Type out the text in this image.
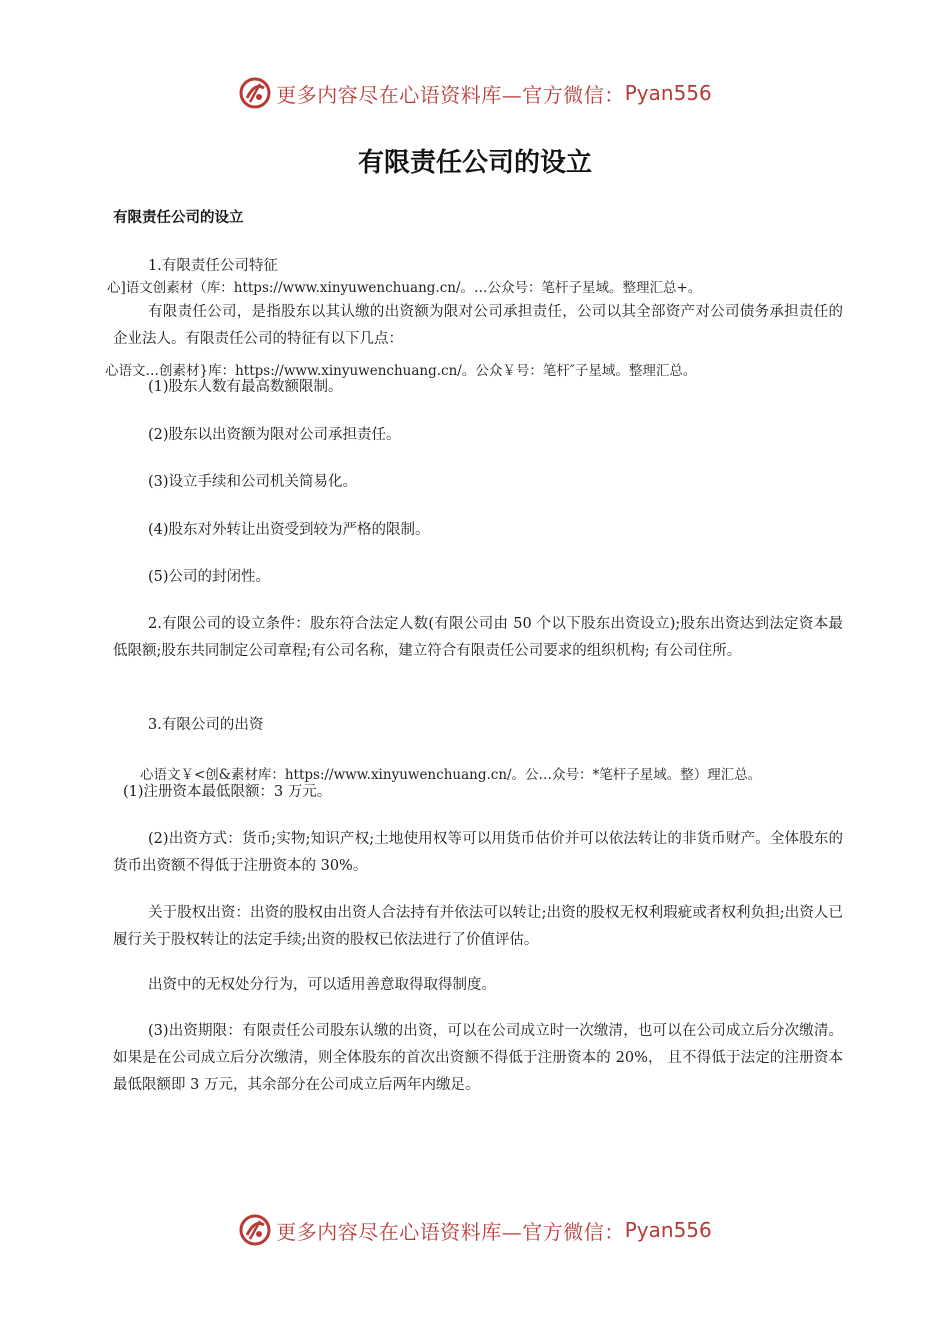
更多内容尽在心语资料库—官方微信： Pyan556
有限责任公司的设立
有限责任公司的设立
1.有限责任公司特征
心]语文创素材（库：https://www.xinyuwenchuang.cn/。…公众号：笔杆子星域。整理汇总+。
有限责任公司，是指股东以其认缴的出资额为限对公司承担责任，公司以其全部资产对公司债务承担责任的企业法人。有限责任公司的特征有以下几点：
心语文…创素材}库：https://www.xinyuwenchuang.cn/。公众￥号：笔杆″子星域。整理汇总。
(1)股东人数有最高数额限制。
(2)股东以出资额为限对公司承担责任。
(3)设立手续和公司机关简易化。
(4)股东对外转让出资受到较为严格的限制。
(5)公司的封闭性。
2.有限公司的设立条件：股东符合法定人数(有限公司由 50 个以下股东出资设立);股东出资达到法定资本最低限额;股东共同制定公司章程;有公司名称，建立符合有限责任公司要求的组织机构; 有公司住所。
3.有限公司的出资
心语文￥<创&素材库：https://www.xinyuwenchuang.cn/。公…众号：*笔杆子星域。整）理汇总。
(1)注册资本最低限额：3 万元。
(2)出资方式：货币;实物;知识产权;土地使用权等可以用货币估价并可以依法转让的非货币财产。全体股东的货币出资额不得低于注册资本的 30%。
关于股权出资：出资的股权由出资人合法持有并依法可以转让;出资的股权无权利瑕疵或者权利负担;出资人已履行关于股权转让的法定手续;出资的股权已依法进行了价值评估。
出资中的无权处分行为，可以适用善意取得取得制度。
(3)出资期限：有限责任公司股东认缴的出资，可以在公司成立时一次缴清，也可以在公司成立后分次缴清。如果是在公司成立后分次缴清，则全体股东的首次出资额不得低于注册资本的 20%， 且不得低于法定的注册资本最低限额即 3 万元，其余部分在公司成立后两年内缴足。
更多内容尽在心语资料库—官方微信： Pyan556
